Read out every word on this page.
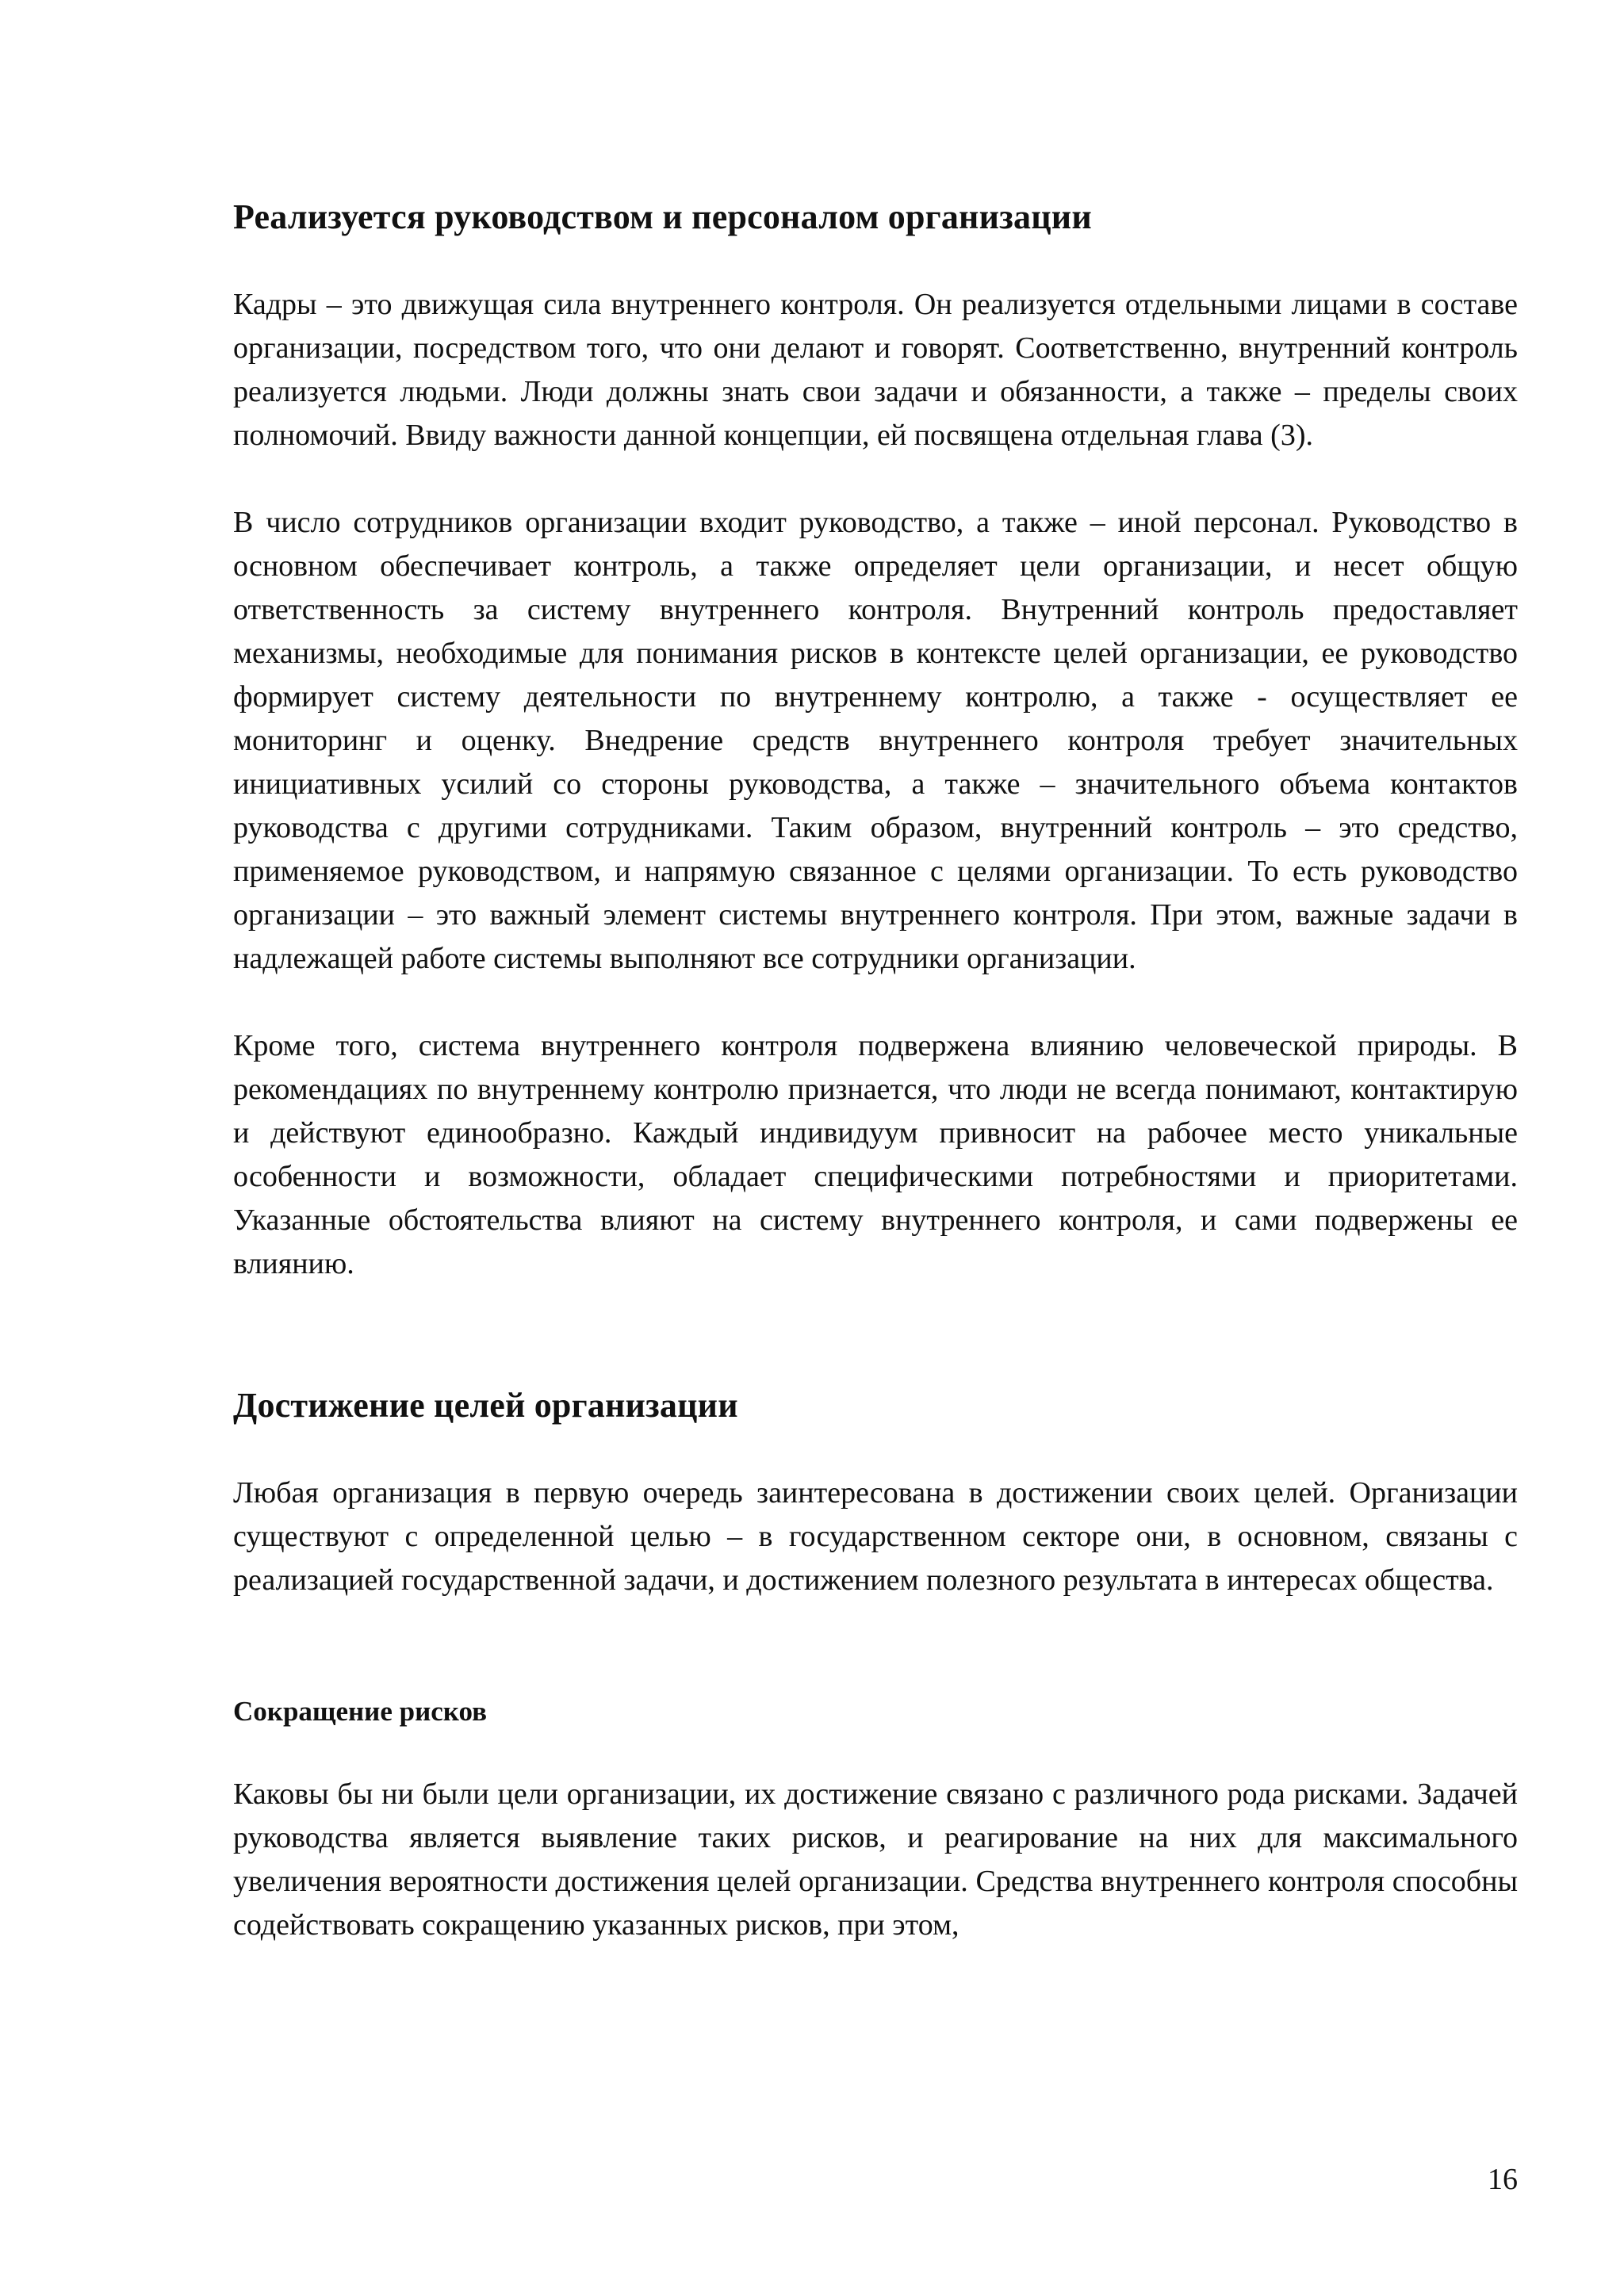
Реализуется руководством и персоналом организации

Кадры – это движущая сила внутреннего контроля. Он реализуется отдельными лицами в составе организации, посредством того, что они делают и говорят. Соответственно, внутренний контроль реализуется людьми. Люди должны знать свои задачи и обязанности, а также – пределы своих полномочий. Ввиду важности данной концепции, ей посвящена отдельная глава (3).

В число сотрудников организации входит руководство, а также – иной персонал. Руководство в основном обеспечивает контроль, а также определяет цели организации, и несет общую ответственность за систему внутреннего контроля. Внутренний контроль предоставляет механизмы, необходимые для понимания рисков в контексте целей организации, ее руководство формирует систему деятельности по внутреннему контролю, а также - осуществляет ее мониторинг и оценку. Внедрение средств внутреннего контроля требует значительных инициативных усилий со стороны руководства, а также – значительного объема контактов руководства с другими сотрудниками. Таким образом, внутренний контроль – это средство, применяемое руководством, и напрямую связанное с целями организации. То есть руководство организации – это важный элемент системы внутреннего контроля. При этом, важные задачи в надлежащей работе системы выполняют все сотрудники организации.

Кроме того, система внутреннего контроля подвержена влиянию человеческой природы. В рекомендациях по внутреннему контролю признается, что люди не всегда понимают, контактирую и действуют единообразно. Каждый индивидуум привносит на рабочее место уникальные особенности и возможности, обладает специфическими потребностями и приоритетами. Указанные обстоятельства влияют на систему внутреннего контроля, и сами подвержены ее влиянию.

Достижение целей организации

Любая организация в первую очередь заинтересована в достижении своих целей. Организации существуют с определенной целью – в государственном секторе они, в основном, связаны с реализацией государственной задачи, и достижением полезного результата в интересах общества.

Сокращение рисков

Каковы бы ни были цели организации, их достижение связано с различного рода рисками. Задачей руководства является выявление таких рисков, и реагирование на них для максимального увеличения вероятности достижения целей организации. Средства внутреннего контроля способны содействовать сокращению указанных рисков, при этом,

16
